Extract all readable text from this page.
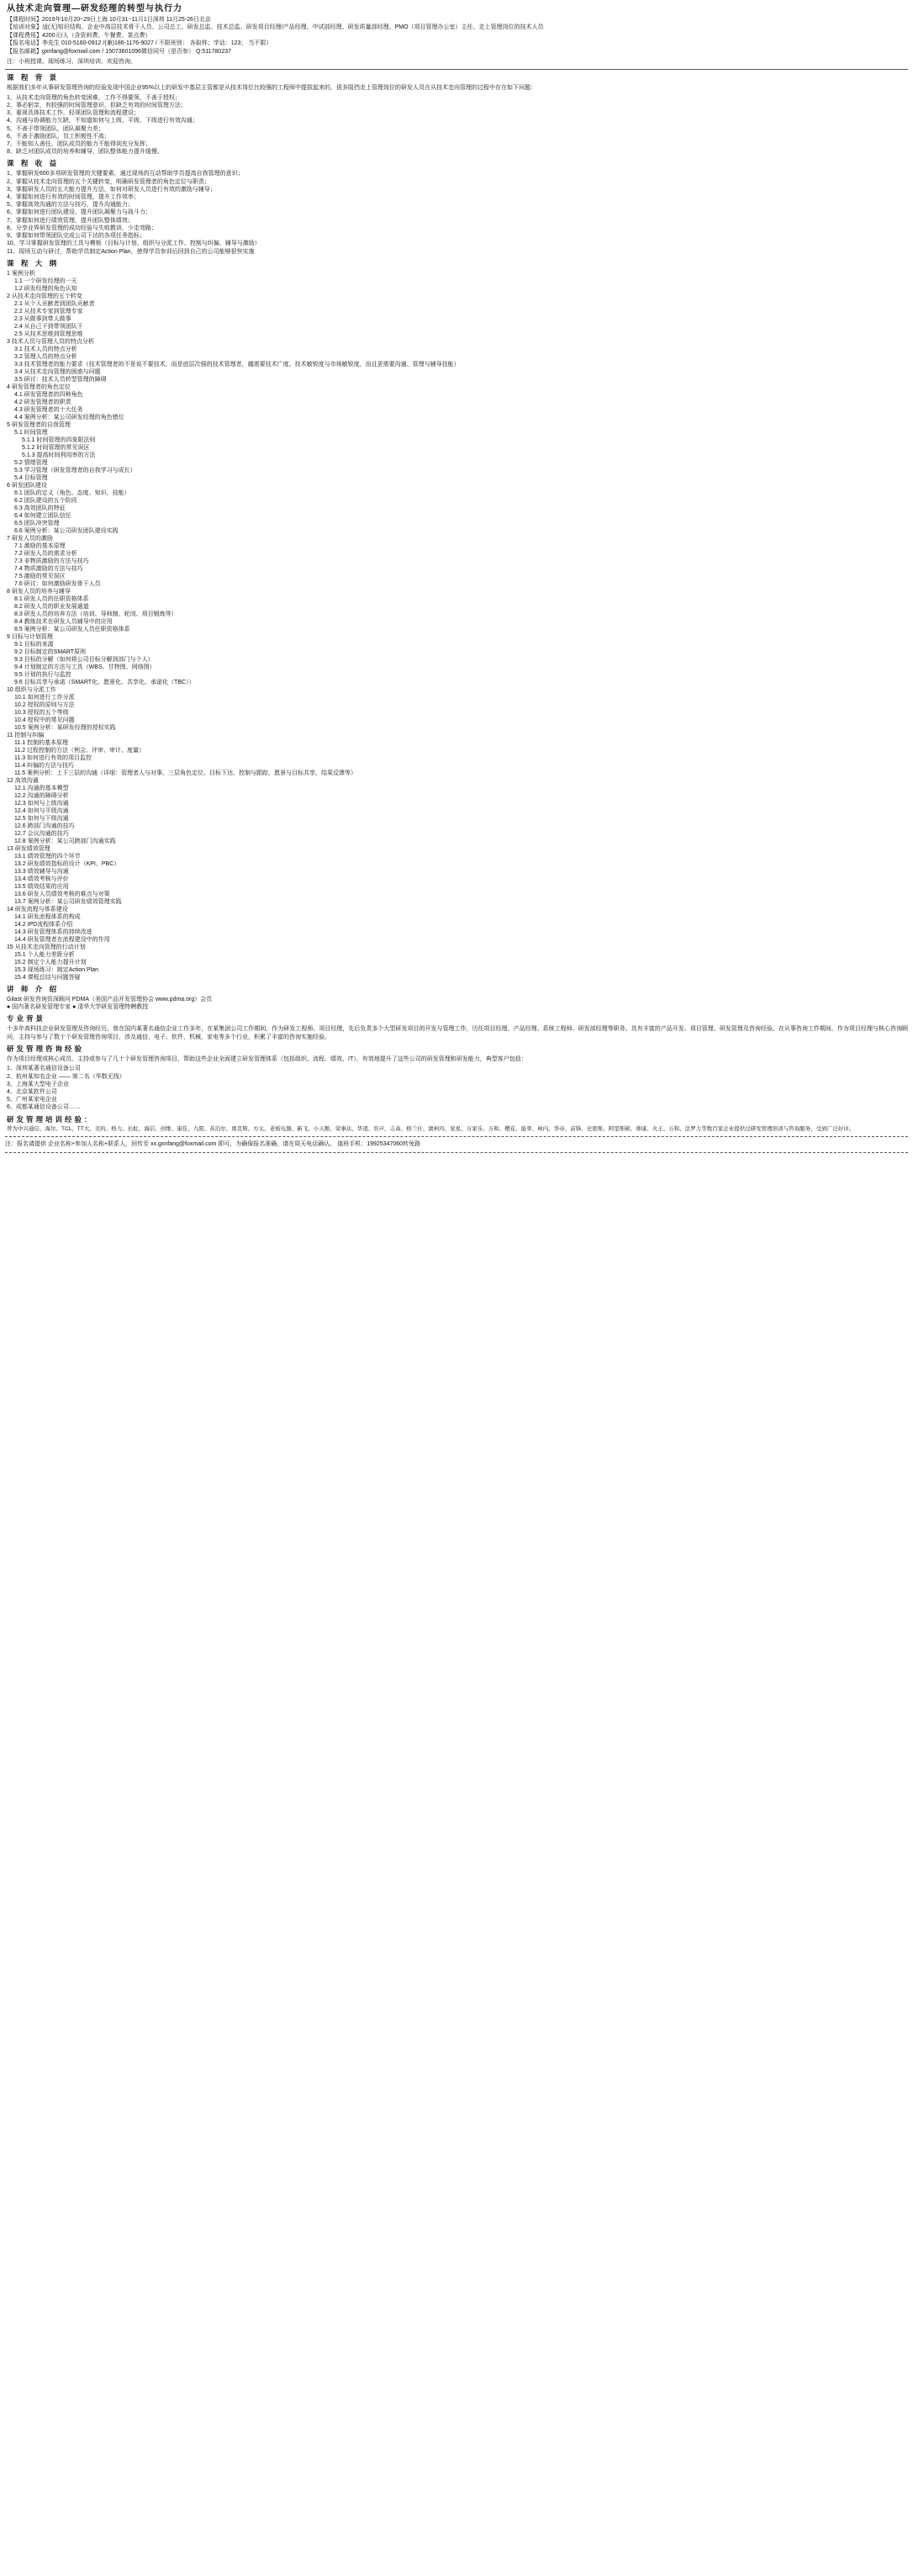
从技术走向管理—研发经理的转型与执行力
【课程时间】2019年10月20~29日上海 10月31~11月1日深圳 11月25-26日北京
【培训对象】适(无)知识结构、企业中高层技术骨干人员、公司总工、研发总监、技术总监、研发项目经理/产品经理、中试部经理、研发质量部经理、PMO（项目管理办公室）主任、走上管理岗位的技术人员
【课程费用】4200元/人（含资料费、午餐费、茶点费）
【报名电话】李先生 010-5160-0912 /(兼)186-1176-9027 / 不限班别： 各取样；学话：123； 当不限）
【报名邮箱】gxnfang@foxmail.com / 15073601096微信同号（是否参） Q:511780237
注：小班授课、现场练习、深圳培训，欢迎咨询。
课 程 背 景
根据我们多年从事研发管理咨询的经验发现中国企业95%以上的研发中基层主管都是从技术岗位比较强的工程师中提拔起来的，很多阻挡走上管理岗位的研发人员在从技术走向管理的过程中存在如下问题：
1、从技术走向管理的角色转变困难，工作不得要领，不善于授权；
2、事必躬亲，有较强的时间管理意识，但缺乏有效的时间管理方法；
3、重视具体技术工作，轻视团队管理和流程建设；
4、沟通与协调能力欠缺，不知道如何与上级、平级、下级进行有效沟通；
5、不善于带领团队，团队凝聚力差；
6、不善于激励团队，员工积极性不高；
7、不能知人善任，团队成员的能力不能得到充分发挥；
8、缺乏对团队成员的培养和辅导，团队整体能力提升缓慢。
课 程 收 益
1、掌握研发600多项研发管理的关键要素，通过现场的互动帮助学员提高自我管理的意识；
2、掌握从技术走向管理的五个关键转变，明确研发管理者的角色定位与职责；
3、掌握研发人员的五大能力提升方法，如何对研发人员进行有效的激励与辅导；
4、掌握如何进行有效的时间管理，提升工作效率；
5、掌握高效沟通的方法与技巧，提升沟通能力；
6、掌握如何进行团队建设，提升团队凝聚力与战斗力；
7、掌握如何进行绩效管理，提升团队整体绩效；
8、分享业界研发管理的成功经验与失败教训，少走弯路；
9、掌握如何带领团队完成公司下达的各项任务指标；
10、学习掌握研发管理的工具与模板（目标与计划、组织与分派工作、控制与纠偏、辅导与激励）
11、现场互动与研讨，帮助学员制定Action Plan，使得学员参训后回到自己的公司能够很快实施
课 程 大 纲
1 案例分析
1.1 一个研发经理的一天
1.2 研发经理的角色认知
2 从技术走向管理的五个转变
2.1 从个人贡献者到团队贡献者
2.2 从技术专家到管理专家
2.3 从做事到带人做事
2.4 从自己干到带领团队干
2.5 从技术思维到管理思维
3 技术人员与管理人员的特点分析
3.1 技术人员的特点分析
3.2 管理人员的特点分析
3.3 技术管理者的能力要求（技术管理者的不是说不要技术，而是底层次强的技术管理者，越需要技术广度、技术敏锐度与市场敏锐度，而且更需要沟通、管理与辅导技能）
3.4 从技术走向管理的困惑与问题
3.5 研讨：技术人员转型管理的障碍
4 研发管理者的角色定位
4.1 研发管理者的四种角色
4.2 研发管理者的职责
4.3 研发管理者的十大任务
4.4 案例分析：某公司研发经理的角色错位
5 研发管理者的自我管理
5.1 时间管理
5.1.1 时间管理的四象限法则
5.1.2 时间管理的常见误区
5.1.3 提高时间利用率的方法
5.2 情绪管理
5.3 学习管理（研发管理者的自我学习与成长）
5.4 目标管理
6 研发团队建设
6.1 团队的定义（角色、态度、知识、技能）
6.2 团队建设的五个阶段
6.3 高效团队的特征
6.4 如何建立团队信任
6.5 团队冲突管理
6.6 案例分析：某公司研发团队建设实践
7 研发人员的激励
7.1 激励的基本原理
7.2 研发人员的需求分析
7.3 非物质激励的方法与技巧
7.4 物质激励的方法与技巧
7.5 激励的常见误区
7.6 研讨：如何激励研发骨干人员
8 研发人员的培养与辅导
8.1 研发人员的任职资格体系
8.2 研发人员的职业发展通道
8.3 研发人员的培养方法（培训、导师制、轮岗、项目锻炼等）
8.4 教练技术在研发人员辅导中的应用
8.5 案例分析：某公司研发人员任职资格体系
9 目标与计划管理
9.1 目标的来源
9.2 目标制定的SMART原则
9.3 目标的分解（如何将公司目标分解到部门与个人）
9.4 计划制定的方法与工具（WBS、甘特图、网络图）
9.5 计划的执行与监控
9.6 目标共享与承诺（SMART化、愿景化、共享化、承诺化（TBC））
10 组织与分派工作
10.1 如何进行工作分派
10.2 授权的原则与方法
10.3 授权的五个等级
10.4 授权中的常见问题
10.5 案例分析：某研发经理的授权实践
11 控制与纠偏
11.1 控制的基本原理
11.2 过程控制的方法（例会、评审、审计、度量）
11.3 如何进行有效的项目监控
11.4 纠偏的方法与技巧
11.5 案例分析：上下三层的沟通（详细：管理者人与对事，三层角色定位、目标下达，控制与跟踪，愿景与目标共享，结果反馈等）
12 高效沟通
12.1 沟通的基本模型
12.2 沟通的障碍分析
12.3 如何与上级沟通
12.4 如何与平级沟通
12.5 如何与下级沟通
12.6 跨部门沟通的技巧
12.7 会议沟通的技巧
12.8 案例分析：某公司跨部门沟通实践
13 研发绩效管理
13.1 绩效管理的四个环节
13.2 研发绩效指标的设计（KPI、PBC）
13.3 绩效辅导与沟通
13.4 绩效考核与评价
13.5 绩效结果的应用
13.6 研发人员绩效考核的难点与对策
13.7 案例分析：某公司研发绩效管理实践
14 研发流程与体系建设
14.1 研发流程体系的构成
14.2 IPD流程体系介绍
14.3 研发管理体系的持续改进
14.4 研发管理者在流程建设中的作用
15 从技术走向管理的行动计划
15.1 个人能力差距分析
15.2 制定个人能力提升计划
15.3 现场练习：制定Action Plan
15.4 课程总结与问题答疑
讲 师 介 绍
Gilast 研发咨询资深顾问 PDMA（美国产品开发管理协会 www.pdma.org）会员
● 国内著名研发管理专家 ● 清华大学研发管理特聘教授
专业背景
十多年高科技企业研发管理及咨询经历，曾在国内某著名通信企业工作多年，在某集团公司工作期间，作为研发工程师、项目经理，先后负责多个大型研发项目的开发与管理工作，历任项目经理、产品经理、系统工程师、研发部经理等职务。具有丰富的产品开发、项目管理、研发管理及咨询经验。在从事咨询工作期间，作为项目经理与核心咨询顾问，主持与参与了数十个研发管理咨询项目，涉及通信、电子、软件、机械、家电等多个行业，积累了丰富的咨询实施经验。
研发管理咨询经验
作为项目经理或核心成员，主持或参与了几十个研发管理咨询项目，帮助这些企业全面建立研发管理体系（包括组织、流程、绩效、IT），有效地提升了这些公司的研发管理和研发能力，典型客户包括：
1、深圳某著名通信设备公司
2、杭州某知名企业 —— 第二名（华数无线）
3、上海某大型电子企业
4、北京某软件公司
5、广州某家电企业
6、成都某通信设备公司……
研发管理培训经验：
曾为中兴通信、海尔、TCL、TT大、美的、格力、长虹、海信、创维、康佳、九阳、苏泊尔、奥克斯、方太、老板电器、新飞、小天鹅、荣事达、华凌、容声、志高、格兰仕、澳柯玛、星星、万家乐、万和、樱花、能率、林内、华帝、前锋、史密斯、阿里斯顿、帅康、火王、万和、法罗力等数百家企业提供过研发管理培训与咨询服务，受到广泛好评。
注：报名请提供 企业名称+参加人名称+联系人，回传至 xx.gxnfang@foxmail.com 即可，为确保报名准确，请在周天电话确认。 值班手机：19925347060转免路
